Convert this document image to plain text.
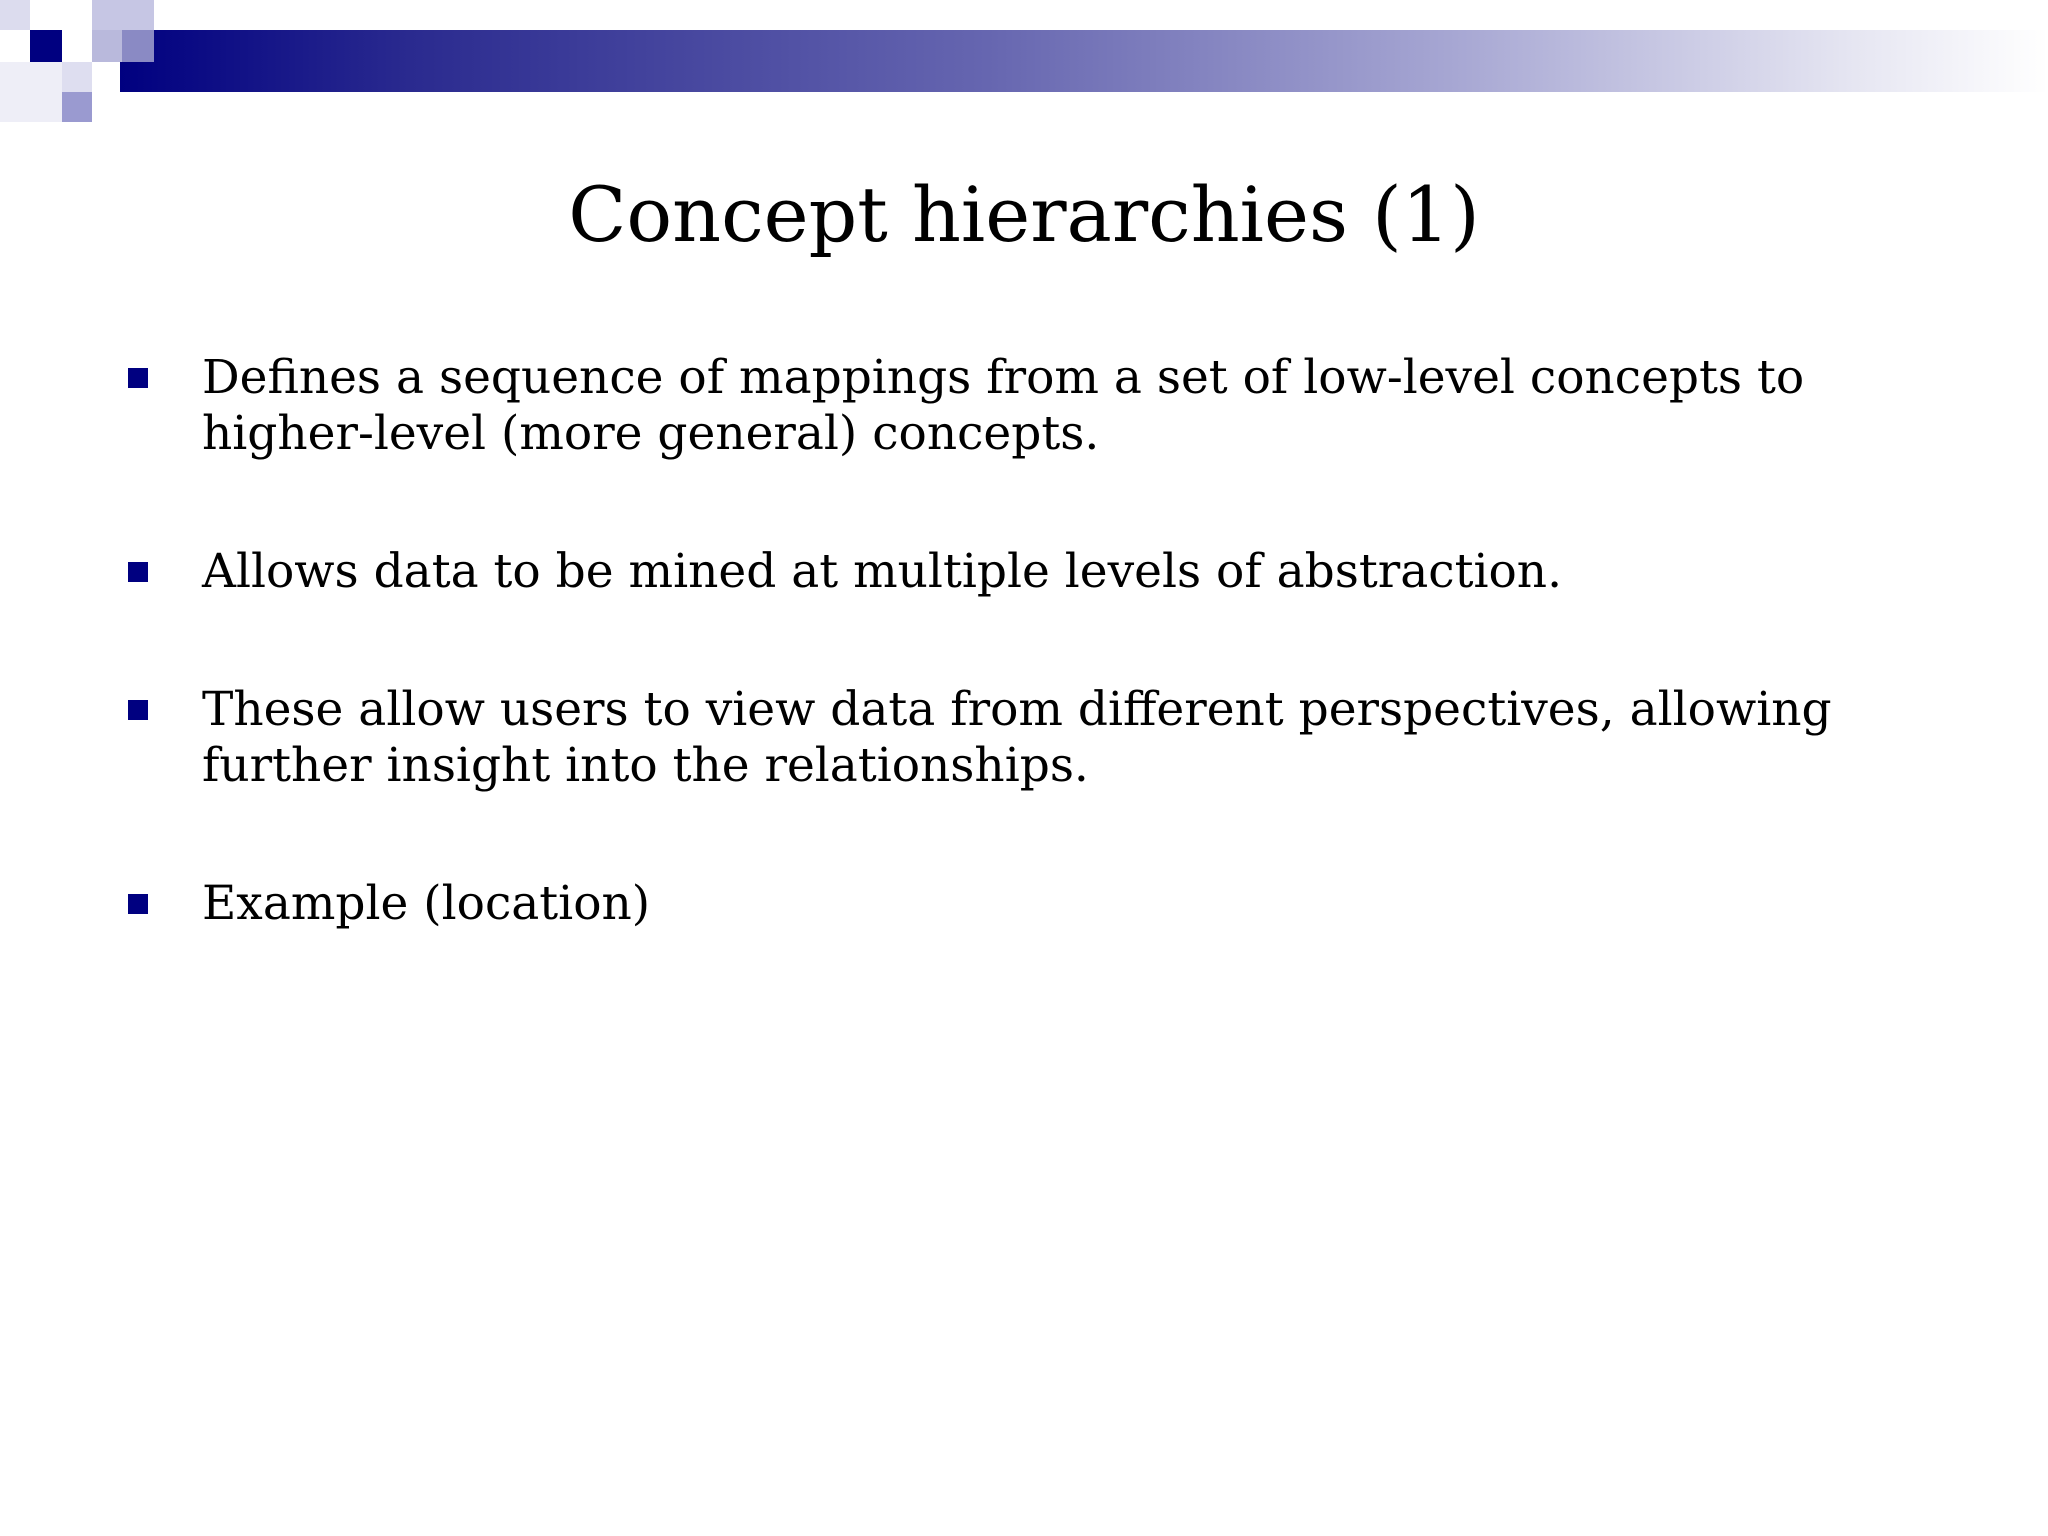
Concept hierarchies (1)
Defines a sequence of mappings from a set of low-level concepts to higher-level (more general) concepts.
Allows data to be mined at multiple levels of abstraction.
These allow users to view data from different perspectives, allowing further insight into the relationships.
Example (location)
